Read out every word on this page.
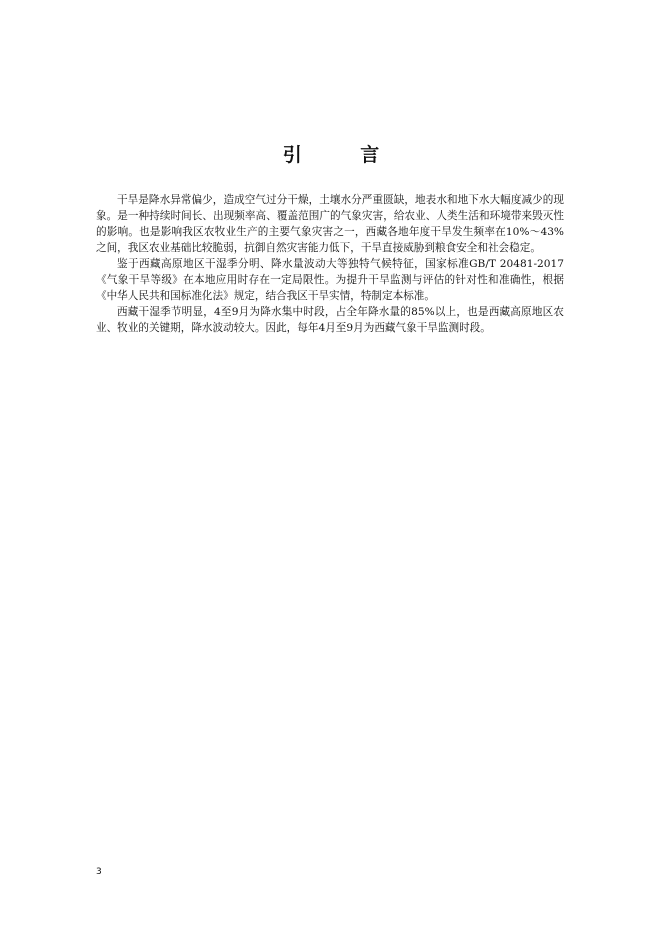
引 言

干旱是降水异常偏少，造成空气过分干燥，土壤水分严重匮缺，地表水和地下水大幅度减少的现象。是一种持续时间长、出现频率高、覆盖范围广的气象灾害，给农业、人类生活和环境带来毁灭性的影响。也是影响我区农牧业生产的主要气象灾害之一，西藏各地年度干旱发生频率在10%～43%之间，我区农业基础比较脆弱，抗御自然灾害能力低下，干旱直接威胁到粮食安全和社会稳定。

鉴于西藏高原地区干湿季分明、降水量波动大等独特气候特征，国家标准GB/T 20481-2017《气象干旱等级》在本地应用时存在一定局限性。为提升干旱监测与评估的针对性和准确性，根据《中华人民共和国标准化法》规定，结合我区干旱实情，特制定本标准。

西藏干湿季节明显，4至9月为降水集中时段，占全年降水量的85%以上，也是西藏高原地区农业、牧业的关键期，降水波动较大。因此，每年4月至9月为西藏气象干旱监测时段。

3
